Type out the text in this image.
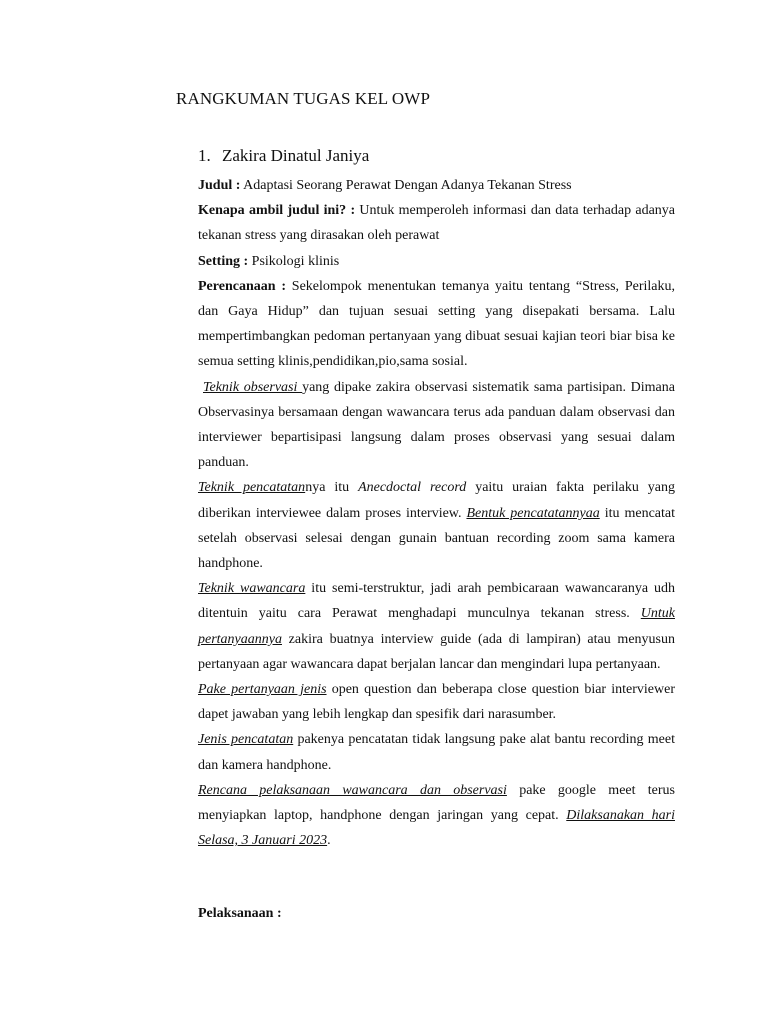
RANGKUMAN TUGAS KEL OWP
1. Zakira Dinatul Janiya

Judul : Adaptasi Seorang Perawat Dengan Adanya Tekanan Stress

Kenapa ambil judul ini? : Untuk memperoleh informasi dan data terhadap adanya tekanan stress yang dirasakan oleh perawat

Setting : Psikologi klinis

Perencanaan : Sekelompok menentukan temanya yaitu tentang “Stress, Perilaku, dan Gaya Hidup” dan tujuan sesuai setting yang disepakati bersama. Lalu mempertimbangkan pedoman pertanyaan yang dibuat sesuai kajian teori biar bisa ke semua setting klinis,pendidikan,pio,sama sosial.

Teknik observasi yang dipake zakira observasi sistematik sama partisipan. Dimana Observasinya bersamaan dengan wawancara terus ada panduan dalam observasi dan interviewer bepartisipasi langsung dalam proses observasi yang sesuai dalam panduan.

Teknik pencatatannya itu Anecdoctal record yaitu uraian fakta perilaku yang diberikan interviewee dalam proses interview. Bentuk pencatatannyaa itu mencatat setelah observasi selesai dengan gunain bantuan recording zoom sama kamera handphone.

Teknik wawancara itu semi-terstruktur, jadi arah pembicaraan wawancaranya udh ditentuin yaitu cara Perawat menghadapi munculnya tekanan stress. Untuk pertanyaannya zakira buatnya interview guide (ada di lampiran) atau menyusun pertanyaan agar wawancara dapat berjalan lancar dan mengindari lupa pertanyaan.

Pake pertanyaan jenis open question dan beberapa close question biar interviewer dapet jawaban yang lebih lengkap dan spesifik dari narasumber.

Jenis pencatatan pakenya pencatatan tidak langsung pake alat bantu recording meet dan kamera handphone.

Rencana pelaksanaan wawancara dan observasi pake google meet terus menyiapkan laptop, handphone dengan jaringan yang cepat. Dilaksanakan hari Selasa, 3 Januari 2023.

Pelaksanaan :
